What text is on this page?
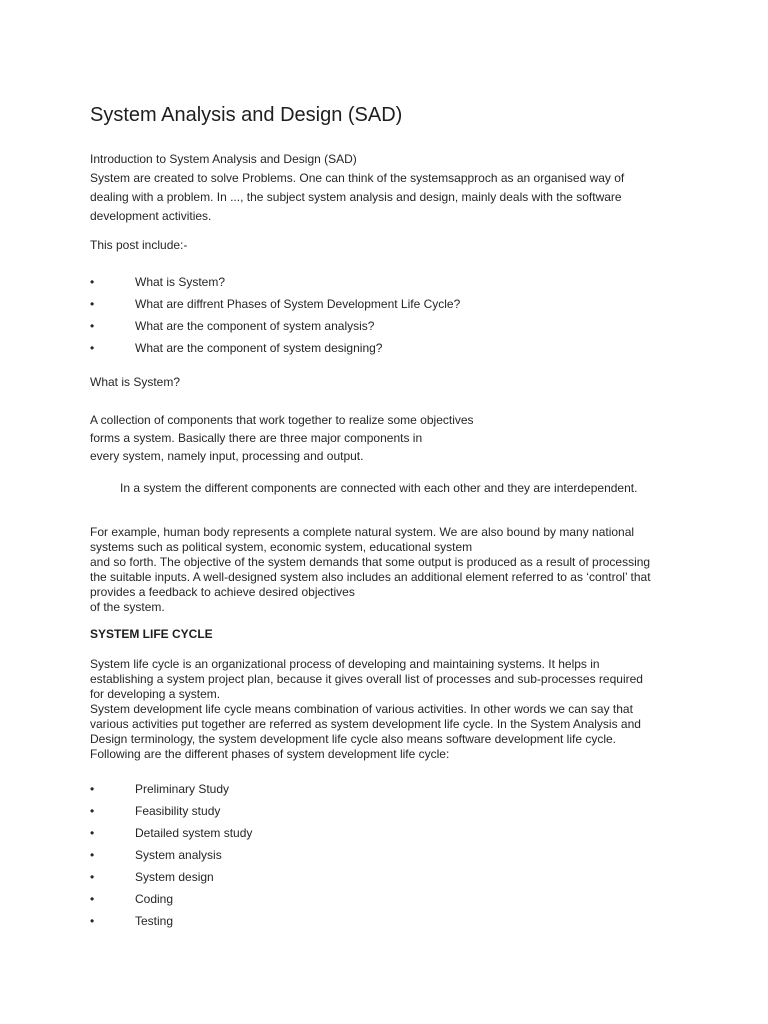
System Analysis and Design (SAD)
Introduction to System Analysis and Design (SAD)
System are created to solve Problems. One can think of the systemsapproch as an organised way of
dealing with a problem. In ..., the subject system analysis and design, mainly deals with the software
development activities.

This post include:-

•	What is System?
•	What are diffrent Phases of System Development Life Cycle?
•	What are the component of system analysis?
•	What are the component of system designing?

What is System?

A collection of components that work together to realize some objectives
forms a system. Basically there are three major components in
every system, namely input, processing and output.

In a system the different components are connected with each other and they are interdependent.

For example, human body represents a complete natural system. We are also bound by many national
systems such as political system, economic system, educational system
and so forth. The objective of the system demands that some output is produced as a result of processing
the suitable inputs. A well-designed system also includes an additional element referred to as ‘control’ that
provides a feedback to achieve desired objectives
of the system.

SYSTEM LIFE CYCLE

System life cycle is an organizational process of developing and maintaining systems. It helps in
establishing a system project plan, because it gives overall list of processes and sub-processes required
for developing a system.
System development life cycle means combination of various activities. In other words we can say that
various activities put together are referred as system development life cycle. In the System Analysis and
Design terminology, the system development life cycle also means software development life cycle.
Following are the different phases of system development life cycle:
•	Preliminary Study
•	Feasibility study
•	Detailed system study
•	System analysis
•	System design
•	Coding
•	Testing
